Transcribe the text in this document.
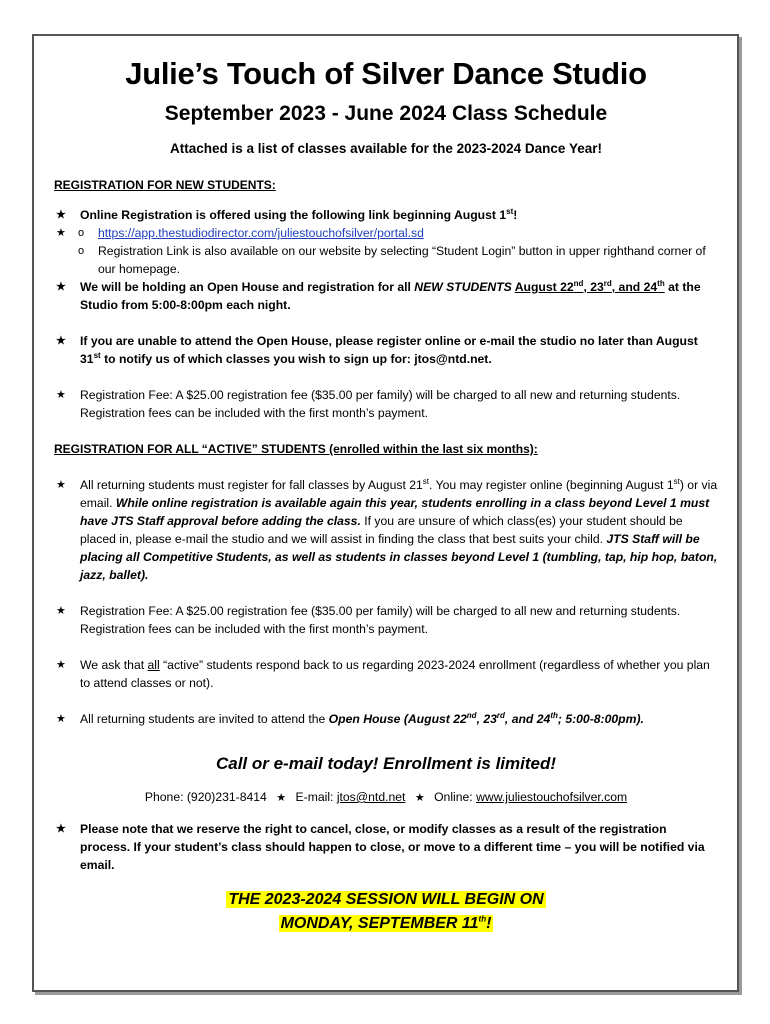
Julie’s Touch of Silver Dance Studio
September 2023 - June 2024 Class Schedule
Attached is a list of classes available for the 2023-2024 Dance Year!
REGISTRATION FOR NEW STUDENTS:
★ Online Registration is offered using the following link beginning August 1st!
o ★ https://app.thestudiodirector.com/juliestouchofsilver/portal.sd
o Registration Link is also available on our website by selecting “Student Login” button in upper righthand corner of our homepage.
★ We will be holding an Open House and registration for all NEW STUDENTS August 22nd, 23rd, and 24th at the Studio from 5:00-8:00pm each night.
★ If you are unable to attend the Open House, please register online or e-mail the studio no later than August 31st to notify us of which classes you wish to sign up for: jtos@ntd.net.
★ Registration Fee: A $25.00 registration fee ($35.00 per family) will be charged to all new and returning students. Registration fees can be included with the first month’s payment.
REGISTRATION FOR ALL “ACTIVE” STUDENTS (enrolled within the last six months):
★ All returning students must register for fall classes by August 21st. You may register online (beginning August 1st) or via email. While online registration is available again this year, students enrolling in a class beyond Level 1 must have JTS Staff approval before adding the class. If you are unsure of which class(es) your student should be placed in, please e-mail the studio and we will assist in finding the class that best suits your child. JTS Staff will be placing all Competitive Students, as well as students in classes beyond Level 1 (tumbling, tap, hip hop, baton, jazz, ballet).
★ Registration Fee: A $25.00 registration fee ($35.00 per family) will be charged to all new and returning students. Registration fees can be included with the first month’s payment.
★ We ask that all “active” students respond back to us regarding 2023-2024 enrollment (regardless of whether you plan to attend classes or not).
★ All returning students are invited to attend the Open House (August 22nd, 23rd, and 24th; 5:00-8:00pm).
Call or e-mail today! Enrollment is limited!
Phone: (920)231-8414 ★ E-mail: jtos@ntd.net ★ Online: www.juliestouchofsilver.com
★ Please note that we reserve the right to cancel, close, or modify classes as a result of the registration process. If your student’s class should happen to close, or move to a different time – you will be notified via email.
THE 2023-2024 SESSION WILL BEGIN ON
MONDAY, SEPTEMBER 11th!
